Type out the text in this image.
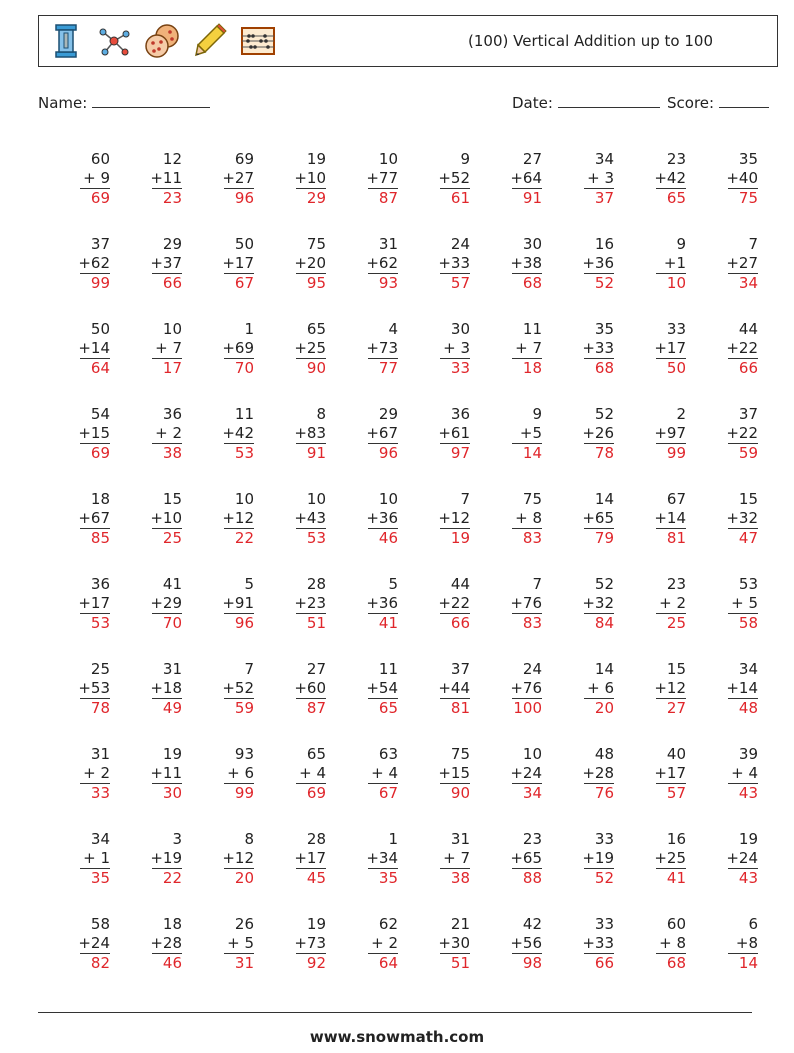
(100) Vertical Addition up to 100
Name:	Date:	Score:
60
+ 9
69
12
+11
23
69
+27
96
19
+10
29
10
+77
87
9
+52
61
27
+64
91
34
+ 3
37
23
+42
65
35
+40
75
37
+62
99
29
+37
66
50
+17
67
75
+20
95
31
+62
93
24
+33
57
30
+38
68
16
+36
52
9
+1
10
7
+27
34
50
+14
64
10
+ 7
17
1
+69
70
65
+25
90
4
+73
77
30
+ 3
33
11
+ 7
18
35
+33
68
33
+17
50
44
+22
66
54
+15
69
36
+ 2
38
11
+42
53
8
+83
91
29
+67
96
36
+61
97
9
+5
14
52
+26
78
2
+97
99
37
+22
59
18
+67
85
15
+10
25
10
+12
22
10
+43
53
10
+36
46
7
+12
19
75
+ 8
83
14
+65
79
67
+14
81
15
+32
47
36
+17
53
41
+29
70
5
+91
96
28
+23
51
5
+36
41
44
+22
66
7
+76
83
52
+32
84
23
+ 2
25
53
+ 5
58
25
+53
78
31
+18
49
7
+52
59
27
+60
87
11
+54
65
37
+44
81
24
+76
100
14
+ 6
20
15
+12
27
34
+14
48
31
+ 2
33
19
+11
30
93
+ 6
99
65
+ 4
69
63
+ 4
67
75
+15
90
10
+24
34
48
+28
76
40
+17
57
39
+ 4
43
34
+ 1
35
3
+19
22
8
+12
20
28
+17
45
1
+34
35
31
+ 7
38
23
+65
88
33
+19
52
16
+25
41
19
+24
43
58
+24
82
18
+28
46
26
+ 5
31
19
+73
92
62
+ 2
64
21
+30
51
42
+56
98
33
+33
66
60
+ 8
68
6
+8
14
www.snowmath.com
